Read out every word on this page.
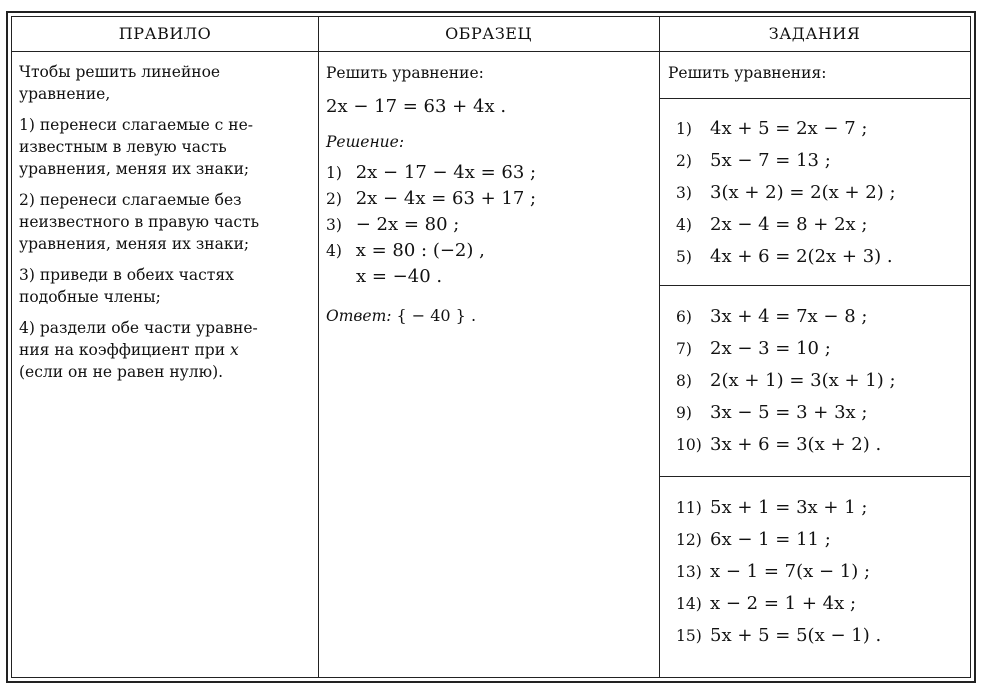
ПРАВИЛО	ОБРАЗЕЦ	ЗАДАНИЯ

Чтобы решить линейное
уравнение,

1) перенеси слагаемые с не-
известным в левую часть
уравнения, меняя их знаки;

2) перенеси слагаемые без
неизвестного в правую часть
уравнения, меняя их знаки;

3) приведи в обеих частях
подобные члены;

4) раздели обе части уравне-
ния на коэффициент при x
(если он не равен нулю).

Решить уравнение:
2x − 17 = 63 + 4x .
Решение:
1) 2x − 17 − 4x = 63 ;
2) 2x − 4x = 63 + 17 ;
3) − 2x = 80 ;
4) x = 80 : (−2) ,
x = −40 .
Ответ: { − 40 } .
Решить уравнения:
1) 4x + 5 = 2x − 7 ;
2) 5x − 7 = 13 ;
3) 3(x + 2) = 2(x + 2) ;
4) 2x − 4 = 8 + 2x ;
5) 4x + 6 = 2(2x + 3) .
6) 3x + 4 = 7x − 8 ;
7) 2x − 3 = 10 ;
8) 2(x + 1) = 3(x + 1) ;
9) 3x − 5 = 3 + 3x ;
10) 3x + 6 = 3(x + 2) .
11) 5x + 1 = 3x + 1 ;
12) 6x − 1 = 11 ;
13) x − 1 = 7(x − 1) ;
14) x − 2 = 1 + 4x ;
15) 5x + 5 = 5(x − 1) .
